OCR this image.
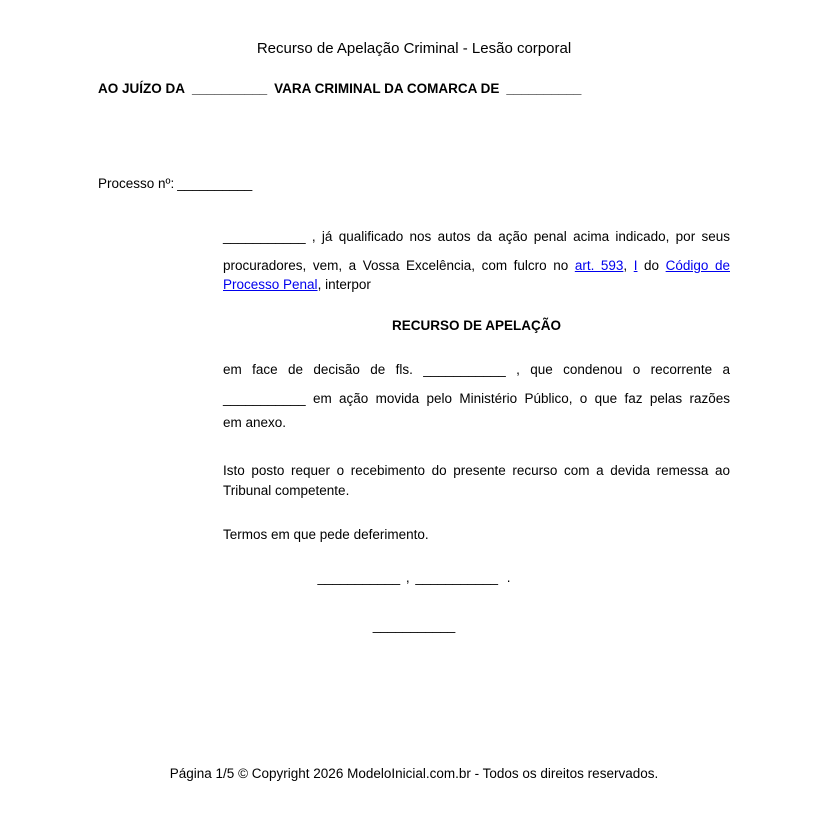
Recurso de Apelação Criminal - Lesão corporal
AO JUÍZO DA __________ VARA CRIMINAL DA COMARCA DE __________
Processo nº: __________
___________ , já qualificado nos autos da ação penal acima indicado, por seus
procuradores, vem, a Vossa Excelência, com fulcro no art. 593, I do Código de
Processo Penal, interpor
RECURSO DE APELAÇÃO
em face de decisão de fls. ___________ , que condenou o recorrente a
___________ em ação movida pelo Ministério Público, o que faz pelas razões
em anexo.
Isto posto requer o recebimento do presente recurso com a devida remessa ao Tribunal competente.
Termos em que pede deferimento.
___________ , ___________ .
___________
Página 1/5 © Copyright 2026 ModeloInicial.com.br - Todos os direitos reservados.
